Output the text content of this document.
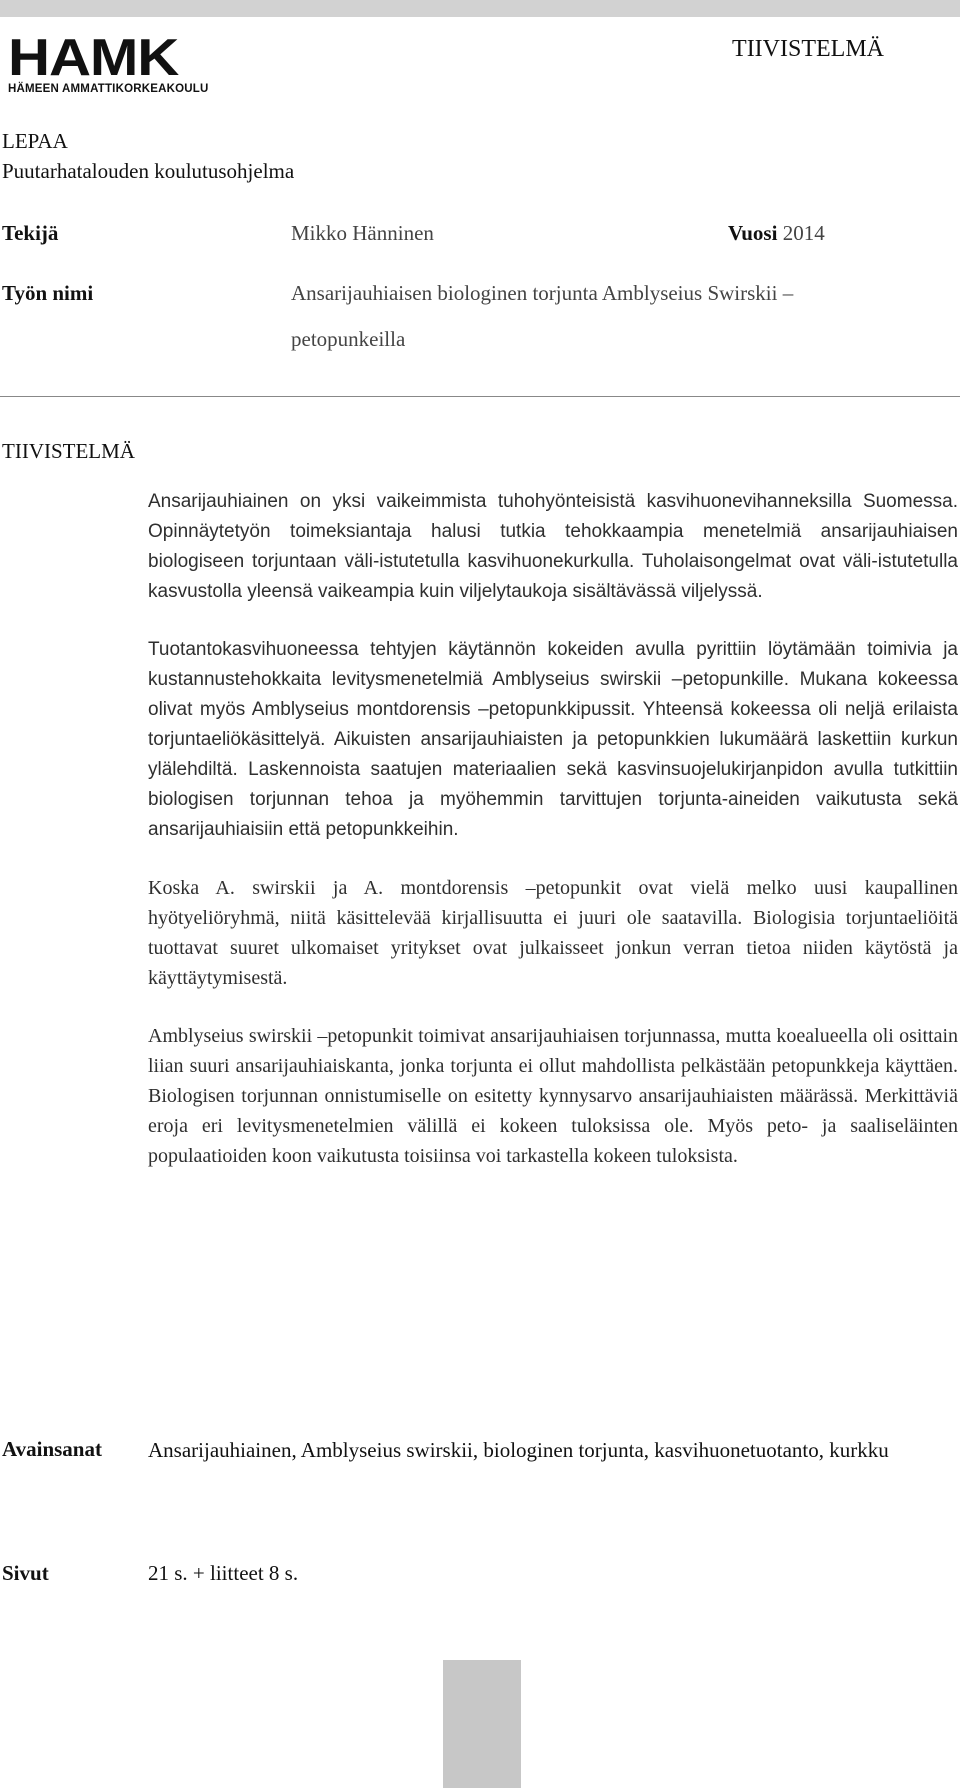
HAMK
HÄMEEN AMMATTIKORKEAKOULU
TIIVISTELMÄ
LEPAA
Puutarhatalouden koulutusohjelma
Tekijä	Mikko Hänninen	Vuosi 2014
Työn nimi	Ansarijauhiaisen biologinen torjunta Amblyseius Swirskii –
petopunkeilla
TIIVISTELMÄ

Ansarijauhiainen on yksi vaikeimmista tuhohyönteisistä kasvihuonevihanneksilla Suomessa. Opinnäytetyön toimeksiantaja halusi tutkia tehokkaampia menetelmiä ansarijauhiaisen biologiseen torjuntaan väli-istutetulla kasvihuonekurkulla. Tuholaisongelmat ovat väli-istutetulla kasvustolla yleensä vaikeampia kuin viljelytaukoja sisältävässä viljelyssä.

Tuotantokasvihuoneessa tehtyjen käytännön kokeiden avulla pyrittiin löytämään toimivia ja kustannustehokkaita levitysmenetelmiä Amblyseius swirskii –petopunkille. Mukana kokeessa olivat myös Amblyseius montdorensis –petopunkkipussit. Yhteensä kokeessa oli neljä erilaista torjuntaeliökäsittelyä. Aikuisten ansarijauhiaisten ja petopunkkien lukumäärä laskettiin kurkun ylälehdiltä. Laskennoista saatujen materiaalien sekä kasvinsuojelukirjanpidon avulla tutkittiin biologisen torjunnan tehoa ja myöhemmin tarvittujen torjunta-aineiden vaikutusta sekä ansarijauhiaisiin että petopunkkeihin.

Koska A. swirskii ja A. montdorensis –petopunkit ovat vielä melko uusi kaupallinen hyötyeliöryhmä, niitä käsittelevää kirjallisuutta ei juuri ole saatavilla. Biologisia torjuntaeliöitä tuottavat suuret ulkomaiset yritykset ovat julkaisseet jonkun verran tietoa niiden käytöstä ja käyttäytymisestä.

Amblyseius swirskii –petopunkit toimivat ansarijauhiaisen torjunnassa, mutta koealueella oli osittain liian suuri ansarijauhiaiskanta, jonka torjunta ei ollut mahdollista pelkästään petopunkkeja käyttäen. Biologisen torjunnan onnistumiselle on esitetty kynnysarvo ansarijauhiaisten määrässä. Merkittäviä eroja eri levitysmenetelmien välillä ei kokeen tuloksissa ole. Myös peto- ja saaliseläinten populaatioiden koon vaikutusta toisiinsa voi tarkastella kokeen tuloksista.

Avainsanat Ansarijauhiainen, Amblyseius swirskii, biologinen torjunta, kasvihuonetuotanto, kurkku
Sivut	21 s. + liitteet 8 s.
